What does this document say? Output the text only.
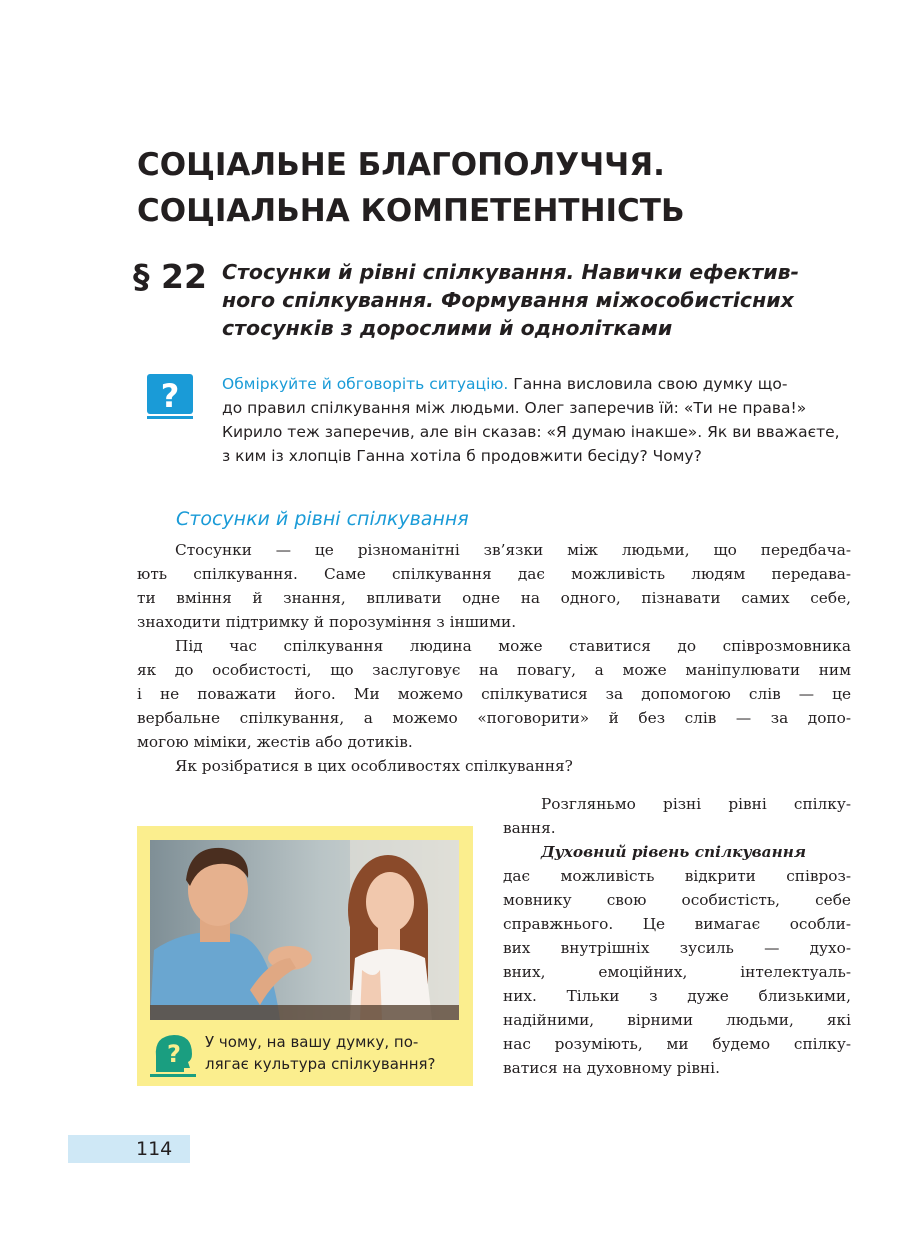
СОЦІАЛЬНЕ БЛАГОПОЛУЧЧЯ.
СОЦІАЛЬНА КОМПЕТЕНТНІСТЬ
§ 22 Стосунки й рівні спілкування. Навички ефектив-
ного спілкування. Формування міжособистісних
стосунків з дорослими й однолітками
?	Обміркуйте й обговоріть ситуацію. Ганна висловила свою думку що-
до правил спілкування між людьми. Олег заперечив їй: «Ти не права!»
Кирило теж заперечив, але він сказав: «Я думаю інакше». Як ви вважаєте,
з ким із хлопців Ганна хотіла б продовжити бесіду? Чому?
Стосунки й рівні спілкування
Стосунки — це різноманітні зв’язки між людьми, що передбача-
ють спілкування. Саме спілкування дає можливість людям передава-
ти вміння й знання, впливати одне на одного, пізнавати самих себе,
знаходити підтримку й порозуміння з іншими.
Під час спілкування людина може ставитися до співрозмовника
як до особистості, що заслуговує на повагу, а може маніпулювати ним
і не поважати його. Ми можемо спілкуватися за допомогою слів — це
вербальне спілкування, а можемо «поговорити» й без слів — за допо-
могою міміки, жестів або дотиків.
Як розібратися в цих особливостях спілкування?
? У чому, на вашу думку, по-
лягає культура спілкування?
Розгляньмо різні рівні спілку-
вання.
Духовний рівень спілкування
дає можливість відкрити співроз-
мовнику свою особистість, себе
справжнього. Це вимагає особли-
вих внутрішніх зусиль — духо-
вних, емоційних, інтелектуаль-
них. Тільки з дуже близькими,
надійними, вірними людьми, які
нас розуміють, ми будемо спілку-
ватися на духовному рівні.
114
